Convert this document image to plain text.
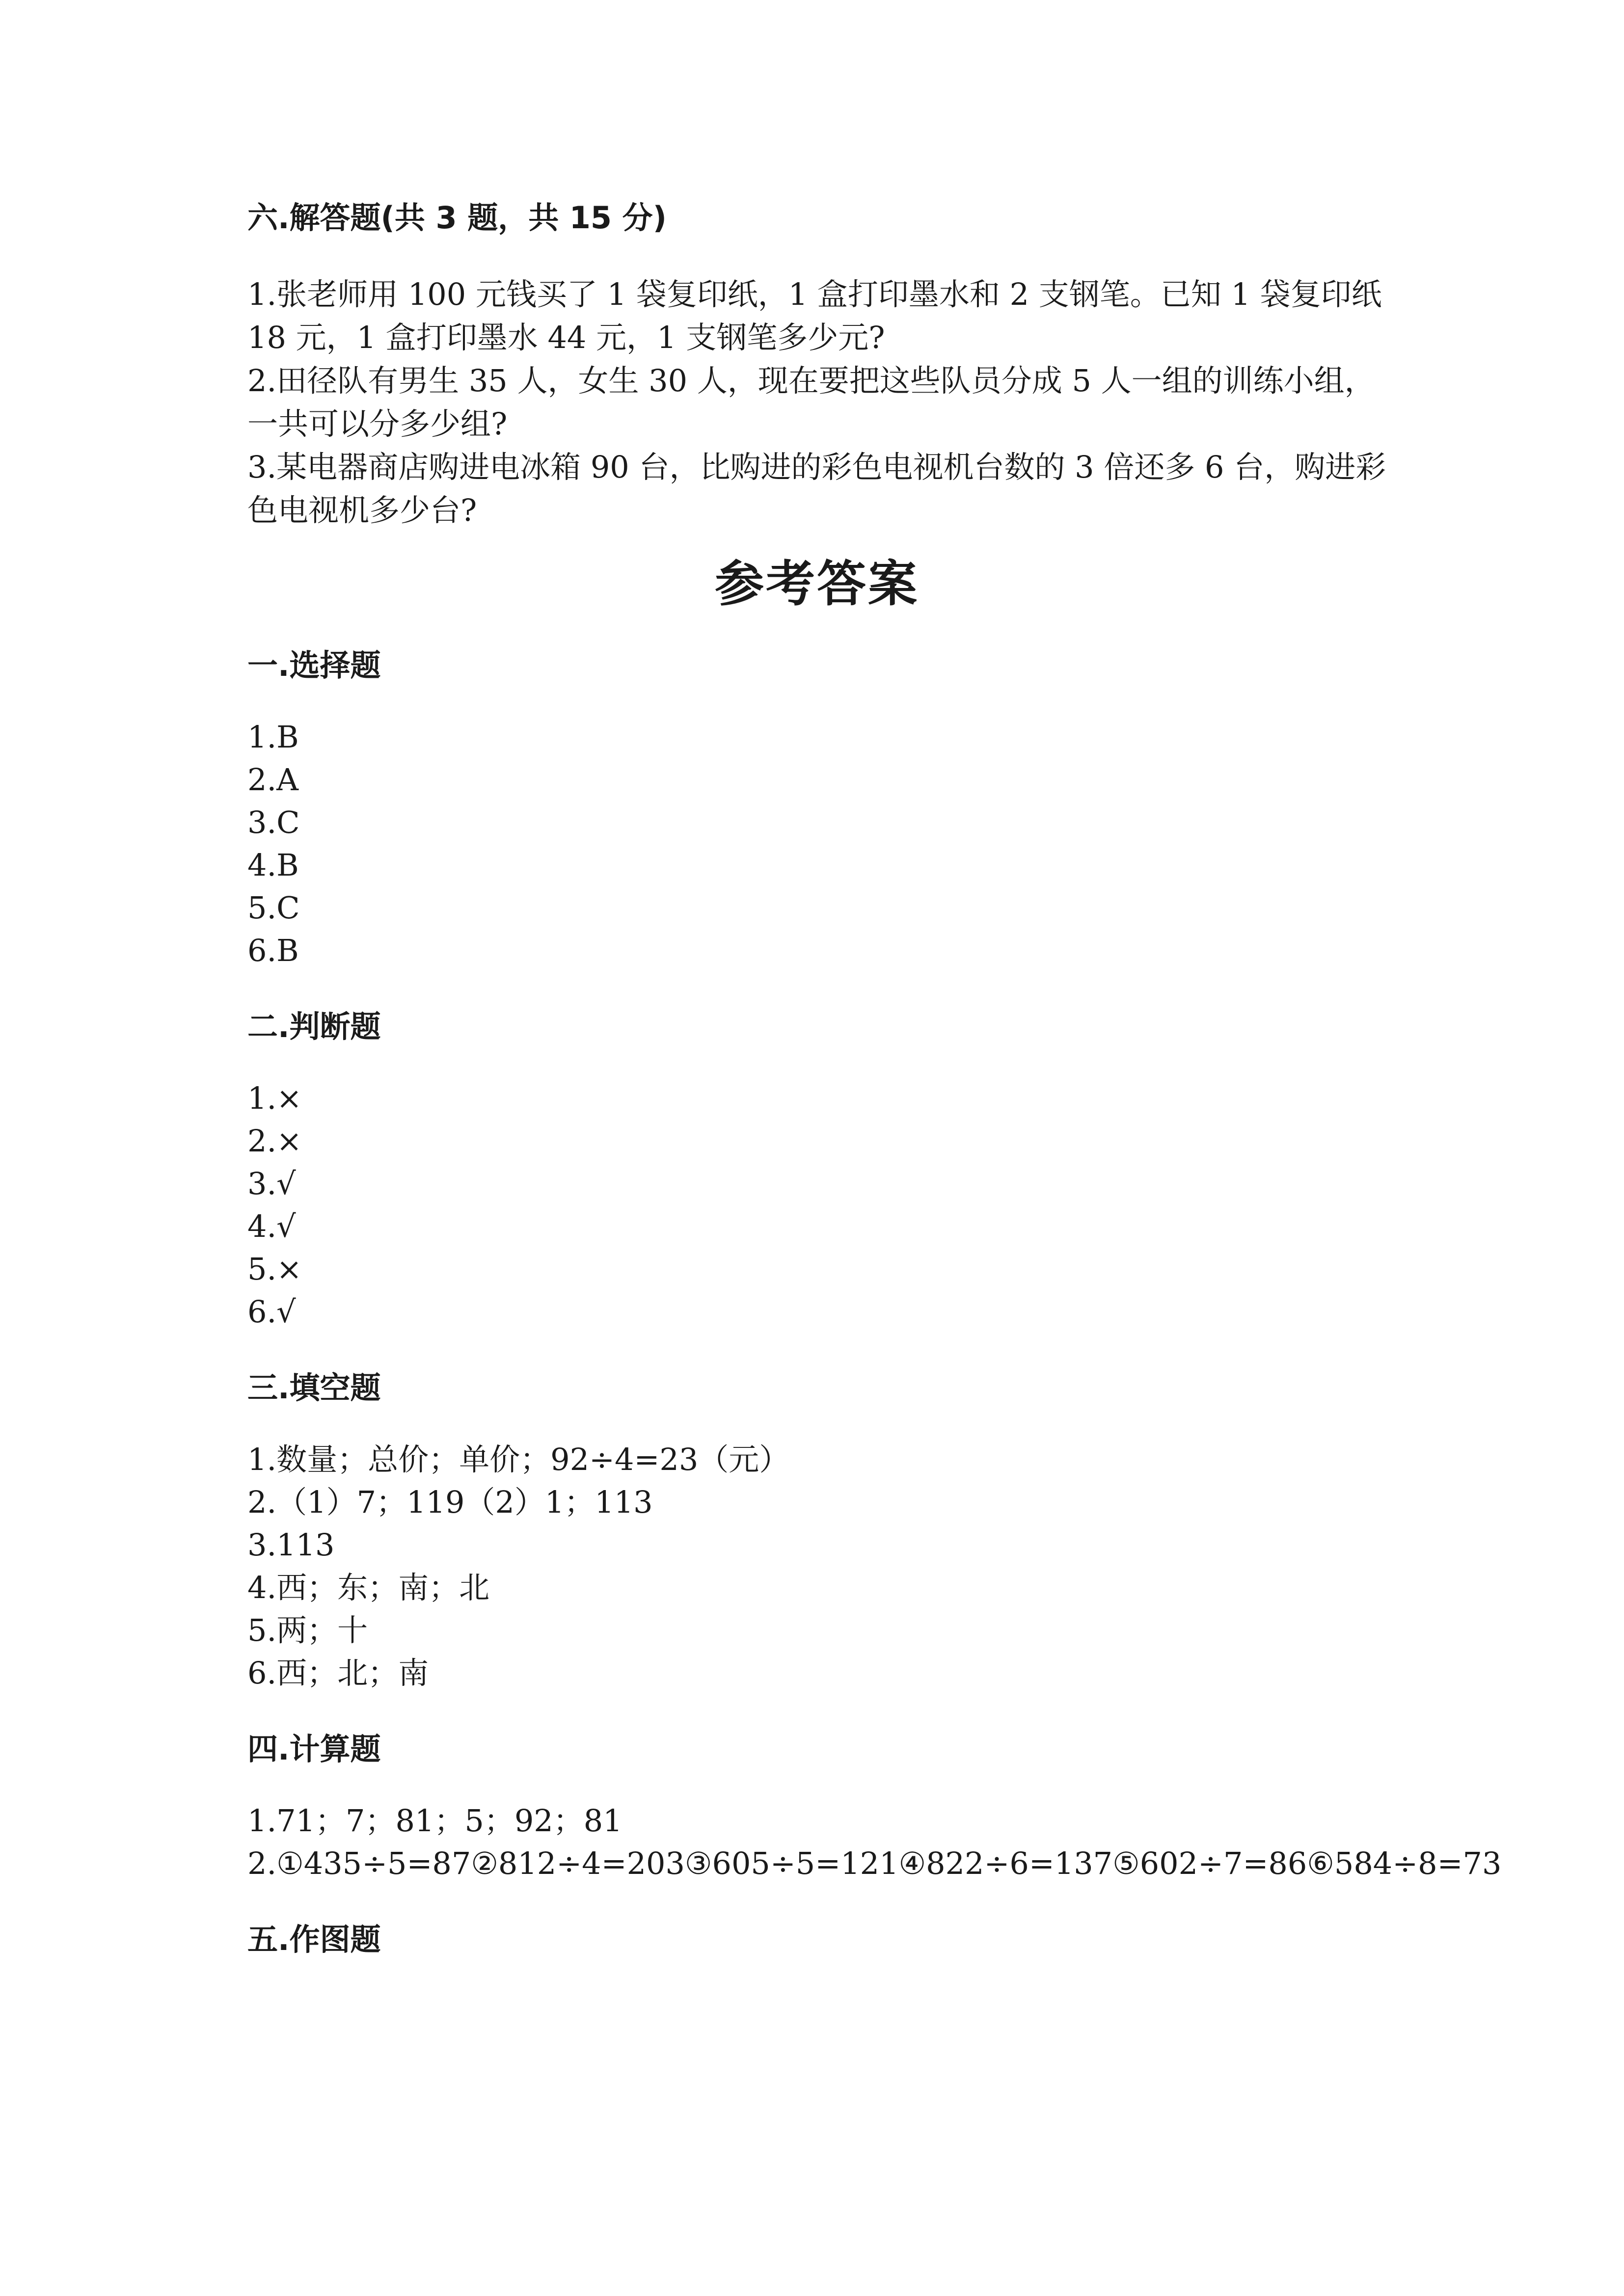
六.解答题(共 3 题，共 15 分)

1.张老师用 100 元钱买了 1 袋复印纸，1 盒打印墨水和 2 支钢笔。已知 1 袋复印纸 18 元，1 盒打印墨水 44 元，1 支钢笔多少元?

2.田径队有男生 35 人，女生 30 人，现在要把这些队员分成 5 人一组的训练小组，一共可以分多少组?

3.某电器商店购进电冰箱 90 台，比购进的彩色电视机台数的 3 倍还多 6 台，购进彩色电视机多少台?

参考答案
一.选择题
1.B
2.A
3.C
4.B
5.C
6.B
二.判断题
1.×
2.×
3.√
4.√
5.×
6.√
三.填空题
1.数量；总价；单价；92÷4=23（元）
2.（1）7；119（2）1；113
3.113
4.西；东；南；北
5.两；十
6.西；北；南
四.计算题
1.71；7；81；5；92；81
2.①435÷5=87②812÷4=203③605÷5=121④822÷6=137⑤602÷7=86⑥584÷8=73
五.作图题
